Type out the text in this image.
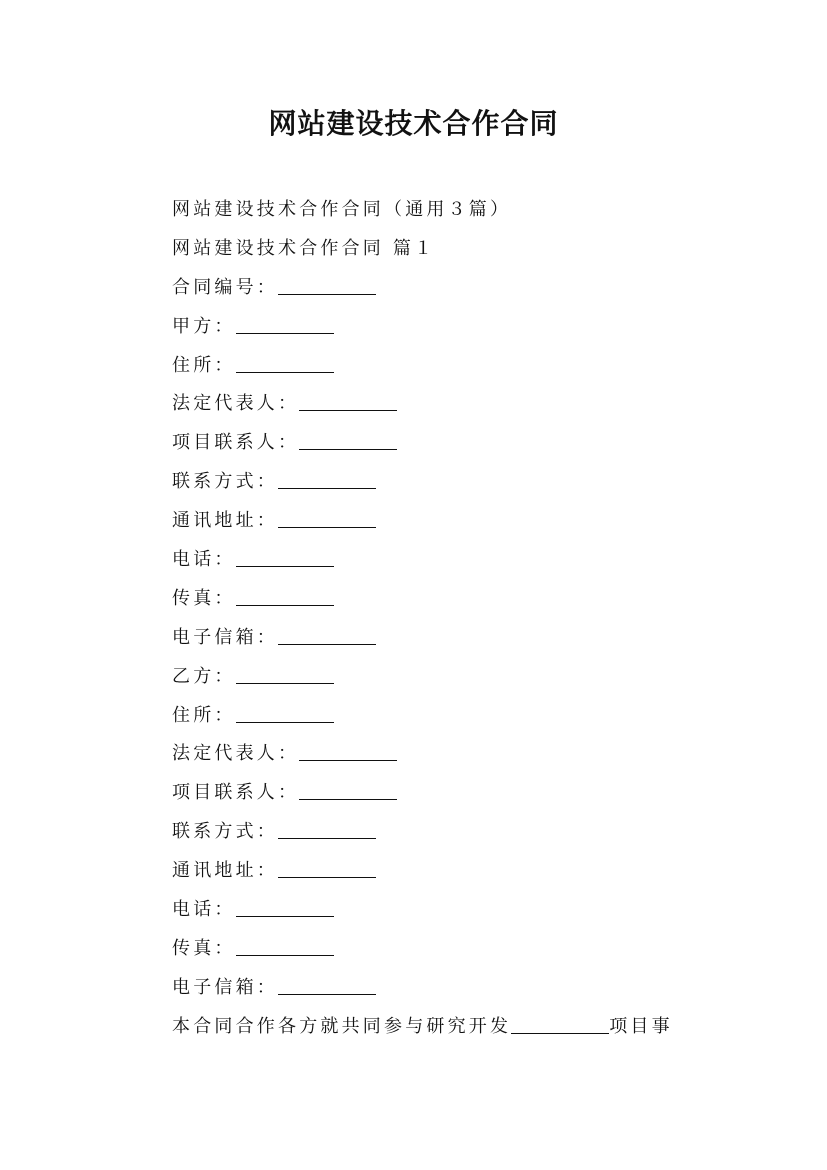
网站建设技术合作合同
网站建设技术合作合同（通用３篇）
网站建设技术合作合同 篇１
合同编号：
甲方：
住所：
法定代表人：
项目联系人：
联系方式：
通讯地址：
电话：
传真：
电子信箱：
乙方：
住所：
法定代表人：
项目联系人：
联系方式：
通讯地址：
电话：
传真：
电子信箱：
本合同合作各方就共同参与研究开发	项目事
